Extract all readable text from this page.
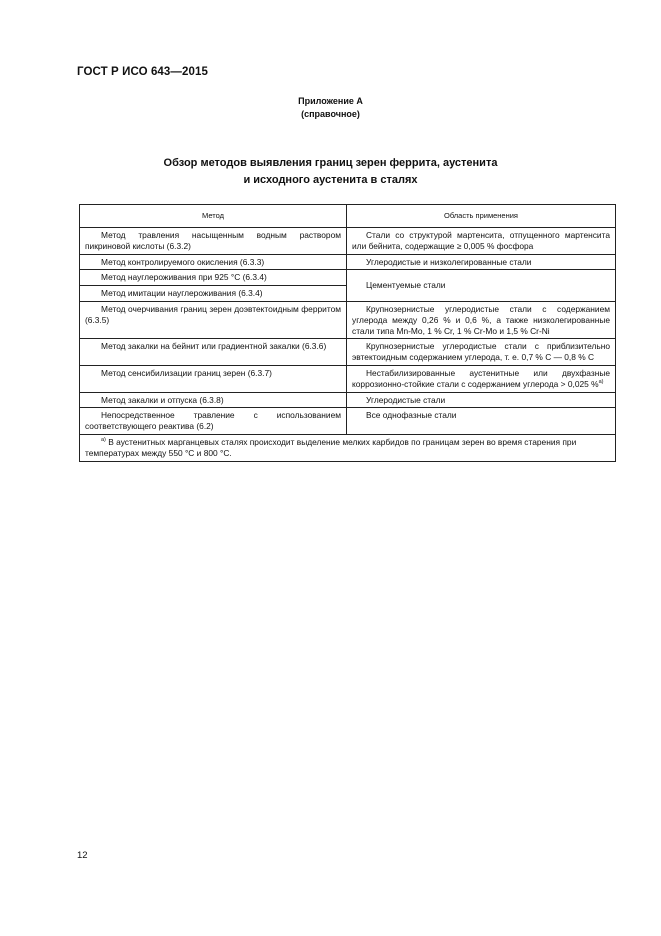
ГОСТ Р ИСО 643—2015
Приложение А
(справочное)
Обзор методов выявления границ зерен феррита, аустенита
и исходного аустенита в сталях
Метод	Область применения
Метод травления насыщенным водным раствором пикриновой кислоты (6.3.2)	Стали со структурой мартенсита, отпущенного мартенсита или бейнита, содержащие ≥ 0,005 % фосфора
Метод контролируемого окисления (6.3.3)	Углеродистые и низколегированные стали
Метод науглероживания при 925 °С (6.3.4)	Цементуемые стали
Метод имитации науглероживания (6.3.4)	
Метод очерчивания границ зерен доэвтектоидным ферритом (6.3.5)	Крупнозернистые углеродистые стали с содержанием углерода между 0,26 % и 0,6 %, а также низколегированные стали типа Mn-Mo, 1 % Cr, 1 % Cr-Mo и 1,5 % Cr-Ni
Метод закалки на бейнит или градиентной закалки (6.3.6)	Крупнозернистые углеродистые стали с приблизительно эвтектоидным содержанием углерода, т. е. 0,7 % С — 0,8 % С
Метод сенсибилизации границ зерен (6.3.7)	Нестабилизированные аустенитные или двухфазные коррозионно-стойкие стали с содержанием углерода > 0,025 %$^{а)}$
Метод закалки и отпуска (6.3.8)	Углеродистые стали
Непосредственное травление с использованием соответствующего реактива (6.2)	Все однофазные стали
$^{а)}$ В аустенитных марганцевых сталях происходит выделение мелких карбидов по границам зерен во время старения при температурах между 550 °С и 800 °С.	
12
